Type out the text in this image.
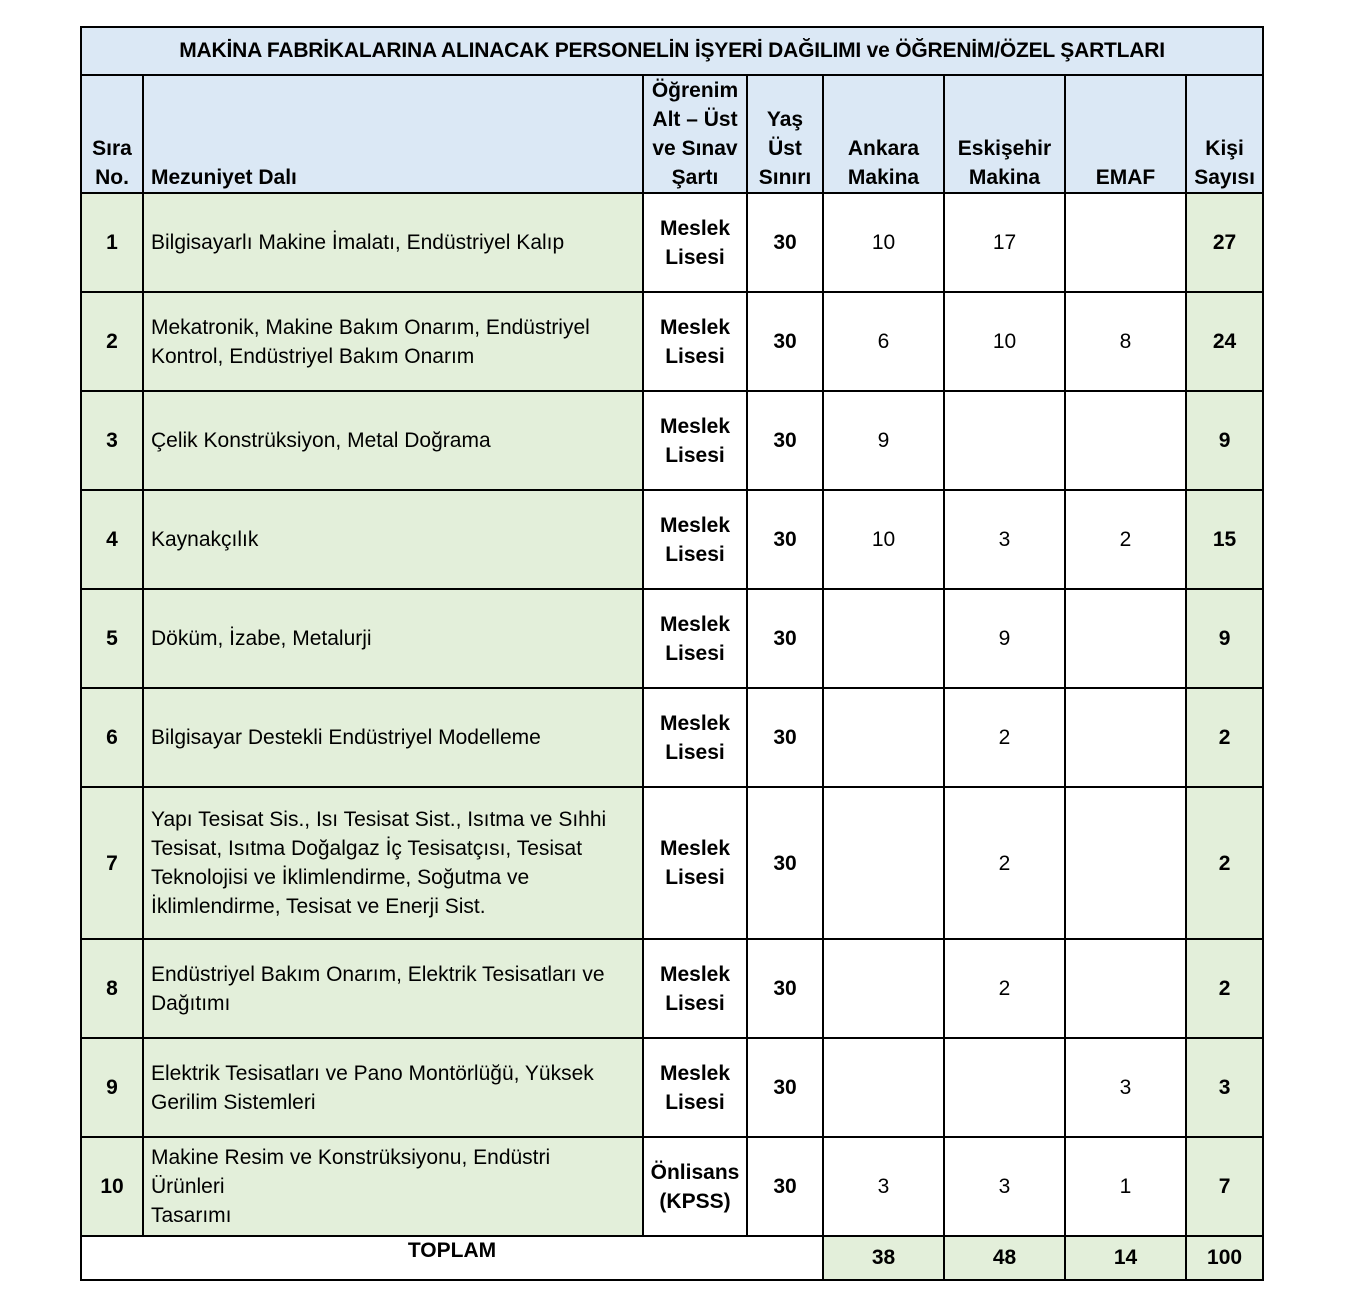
MAKİNA FABRİKALARINA ALINACAK PERSONELİN İŞYERİ DAĞILIMI ve ÖĞRENİM/ÖZEL ŞARTLARI							
Sıra
No.	Mezuniyet Dalı	Öğrenim
Alt – Üst
ve Sınav
Şartı	Yaş
Üst
Sınırı	Ankara
Makina	Eskişehir
Makina	EMAF	Kişi
Sayısı
1	Bilgisayarlı Makine İmalatı, Endüstriyel Kalıp	Meslek
Lisesi	30	10	17		27
2	Mekatronik, Makine Bakım Onarım, Endüstriyel
Kontrol, Endüstriyel Bakım Onarım	Meslek
Lisesi	30	6	10	8	24
3	Çelik Konstrüksiyon, Metal Doğrama	Meslek
Lisesi	30	9			9
4	Kaynakçılık	Meslek
Lisesi	30	10	3	2	15
5	Döküm, İzabe, Metalurji	Meslek
Lisesi	30		9		9
6	Bilgisayar Destekli Endüstriyel Modelleme	Meslek
Lisesi	30		2		2
7	Yapı Tesisat Sis., Isı Tesisat Sist., Isıtma ve Sıhhi
Tesisat, Isıtma Doğalgaz İç Tesisatçısı, Tesisat
Teknolojisi ve İklimlendirme, Soğutma ve
İklimlendirme, Tesisat ve Enerji Sist.	Meslek
Lisesi	30		2		2
8	Endüstriyel Bakım Onarım, Elektrik Tesisatları ve
Dağıtımı	Meslek
Lisesi	30		2		2
9	Elektrik Tesisatları ve Pano Montörlüğü, Yüksek
Gerilim Sistemleri	Meslek
Lisesi	30			3	3
10	Makine Resim ve Konstrüksiyonu, Endüstri Ürünleri
Tasarımı	Önlisans
(KPSS)	30	3	3	1	7
TOPLAM				38	48	14	100
